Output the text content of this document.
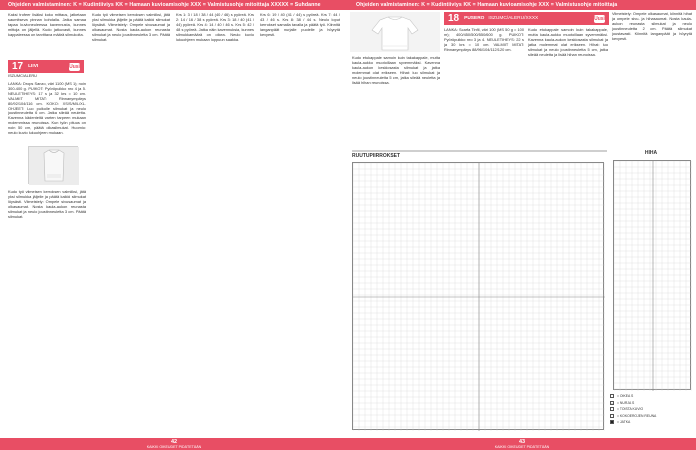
Ohjeiden valmistaminen: K = Kudintiiviys KK = Hamaan kuvioamisohje XXX = Valmistusohje mitoittaja XXXXX = Suhdanne
Kaksi trofeer lisäksi koko mittaus, jatketaan saumitseva pinnan kohdalla. Jatka samaa tapaa kuvioneuleessa kavennusta, kunnes mittoja on jäljellä. Kudo jatkuvasti, kunnes kappaleessa on tarvittava määrä silmukoita.
17 LIIVI	Uusi
ISZUMC/ALERU
LANKA: Drops Sanzo, väri 1100 (MS 1); noin 300-400 g. PUIKOT: Pyöröpuikko nro 4 ja 5. NEULETIHEYS: 17 s ja 32 krs = 10 cm. VALMIIT MITAT: Rinnanympärys 80/92/104/116 cm. KOKO: XS/S/M/L/XL. OHJEET: Luo puikolle silmukat ja neulo joustinneuletta 6 cm. Jatka sileää neuletta. Kavenna kädenteitä varten tarpeen mukaan molemmissa reunoissa. Kun työn pituus on noin 50 cm, päätä olkasilmukat. Huomio: neulo kuvio lukuohjeen mukaan.
Kudo työ viimeisen kerroksen valmiiksi, jätä yksi silmukka jäljelle ja päätä kaikki silmukat löysästi. Viimeistely: Ompele sivusaumat ja olkasaumat. Nosta kaula-aukon reunasta silmukat ja neulo joustinneuletta 3 cm. Päätä silmukat.
Kudo työ viimeisen kerroksen valmiiksi, jätä yksi silmukka jäljelle ja päätä kaikki silmukat löysästi. Viimeistely: Ompele sivusaumat ja olkasaumat. Nosta kaula-aukon reunasta silmukat ja neulo joustinneuletta 3 cm. Päätä silmukat.
Krs 1: 3 / 18 / 38 / 44 (40 / 46) s pyöreä. Krs 2: 14 / 16 / 38 s pyöreä. Krs 3: 18 / 40 (41 / 44) pyöreä. Krs 4: 14 / 40 / 46 s. Krs 5: 42 / 48 s pyöreä. Jatka näin kavennuksia, kunnes silmukkamäärä on oikea. Neulo kuvio lukuohjeen mukaan loppuun saakka.
Krs 6: 19 / 40 (41 / 44) s pyöreä. Krs 7: 44 / 43 / 46 s. Krs 8: 38 / 44 s. Neulo loput kerrokset samalla tavalla ja päätä työ. Kiinnitä langanpäät nurjalle puolelle ja höyrytä kevyesti.
42
KAIKKI OIKEUDET PIDÄTETÄÄN
Ohjeiden valmistaminen: K = Kudintiiviys KK = Hamaan kuvioamisohje XXX = Valmistusohje mitoittaja
18 PUSERO ISZUMC/ALERU/XXXX	Uusi
LANKA: Scarfa Tinfil, väri 100 (MS 50 g = 100 m); 400/450/500/550/600 g. PUIKOT: Pyöröpuikko nro 3 ja 4. NEULETIHEYS: 22 s ja 30 krs = 10 cm. VALMIIT MITAT: Rinnanympärys 88/96/104/112/120 cm.
Kudo etukappale samoin kuin takakappale, mutta kaula-aukko muotoillaan syvemmäksi. Kavenna kaula-aukon keskiosasta silmukat ja jatka molemmat olat erikseen. Hihat: luo silmukat ja neulo joustinneuletta 5 cm, jatka sileää neuletta ja lisää hihan reunoissa.
Viimeistely: Ompele olkasaumat, kiinnitä hihat ja ompele sivu- ja hihasaumat. Nosta kaula-aukon reunasta silmukat ja neulo joustinneuletta 2 cm. Päätä silmukat joustavasti. Kiinnitä langanpäät ja höyrytä kevyesti.
Kudo etukappale samoin kuin takakappale, mutta kaula-aukko muotoillaan syvemmäksi. Kavenna kaula-aukon keskiosasta silmukat ja jatka molemmat olat erikseen. Hihat: luo silmukat ja neulo joustinneuletta 5 cm, jatka sileää neuletta ja lisää hihan reunoissa.
RUUTUPIIRROKSET	HIHA
= OIKEA S
•	= NURJA S
= TOISTA KUVIO
= KOKOEROJEN REUNA
= JATKA
43
KAIKKI OIKEUDET PIDÄTETÄÄN
